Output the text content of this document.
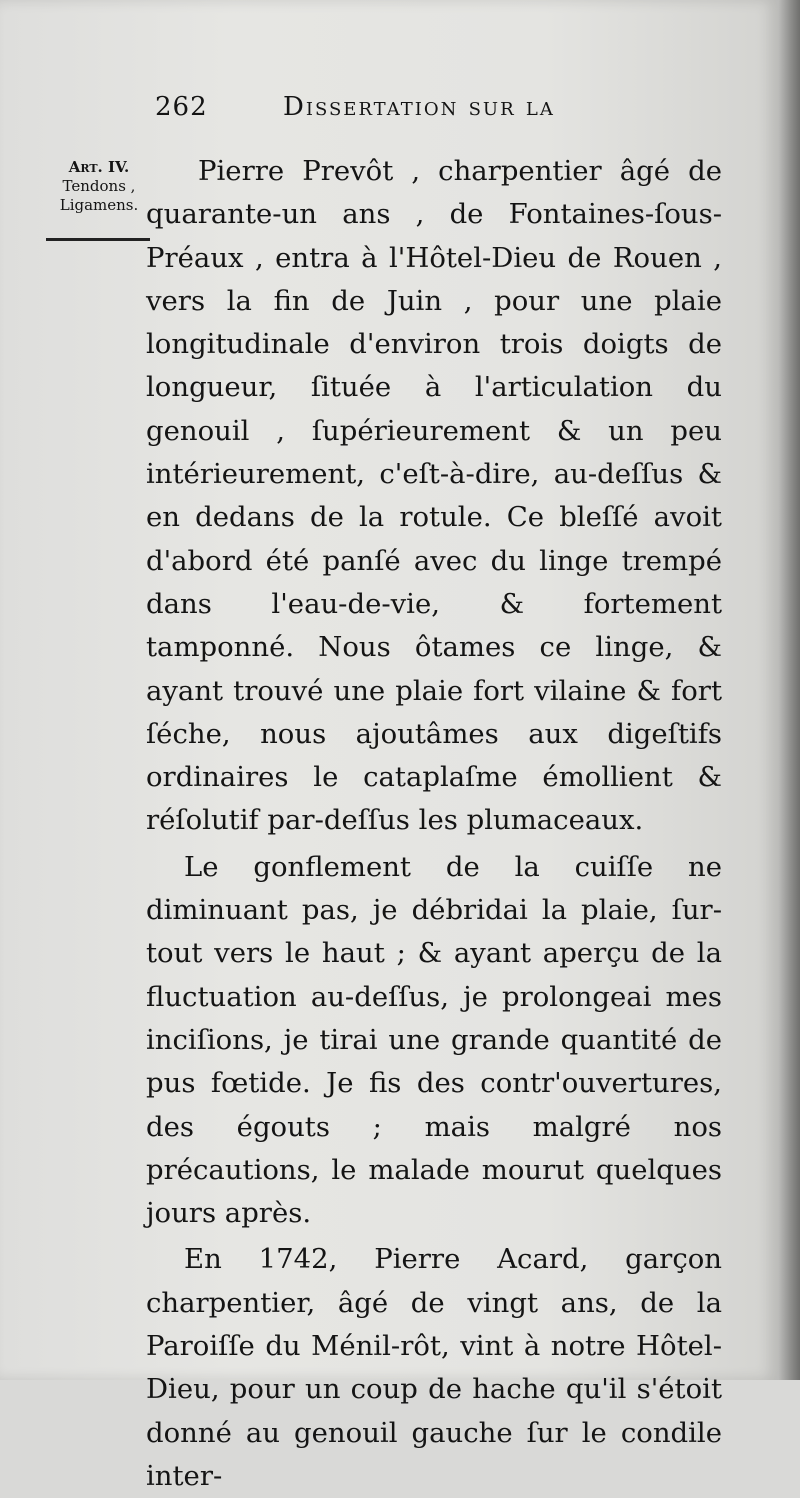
262	Dissertation sur la
Art. IV.
Tendons ,
Ligamens.

Pierre Prevôt , charpentier âgé de quarante-un ans , de Fontaines-ſous-Préaux , entra à l'Hôtel-Dieu de Rouen , vers la fin de Juin , pour une plaie longitudinale d'environ trois doigts de longueur, ſituée à l'articulation du genouil , ſupérieurement & un peu intérieurement, c'eſt-à-dire, au-deſſus & en dedans de la rotule. Ce bleſſé avoit d'abord été panſé avec du linge trempé dans l'eau-de-vie, & fortement tamponné. Nous ôtames ce linge, & ayant trouvé une plaie fort vilaine & fort ſéche, nous ajoutâmes aux digeſtifs ordinaires le cataplaſme émollient & réſolutif par-deſſus les plumaceaux.

Le gonflement de la cuiſſe ne diminuant pas, je débridai la plaie, ſur-tout vers le haut ; & ayant aperçu de la fluctuation au-deſſus, je prolongeai mes inciſions, je tirai une grande quantité de pus fœtide. Je fis des contr'ouvertures, des égouts ; mais malgré nos précautions, le malade mourut quelques jours après.

En 1742, Pierre Acard, garçon charpentier, âgé de vingt ans, de la Paroiſſe du Ménil-rôt, vint à notre Hôtel-Dieu, pour un coup de hache qu'il s'étoit donné au genouil gauche ſur le condile inter-
